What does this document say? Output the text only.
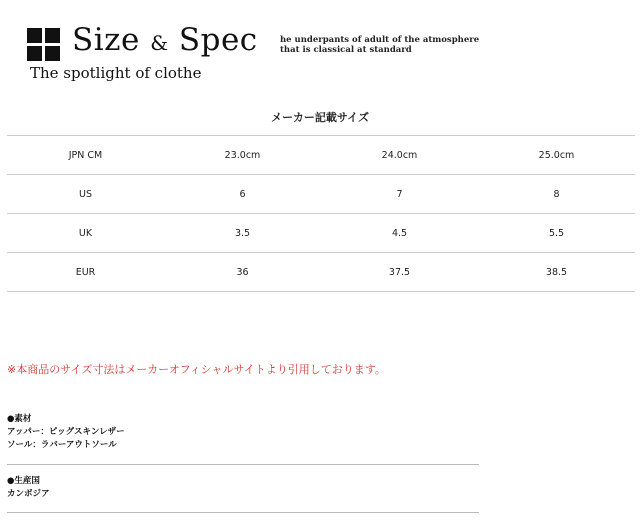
Size & Spec
The spotlight of clothe
he underpants of adult of the atmosphere
that is classical at standard
メーカー記載サイズ
JPN CM	23.0cm	24.0cm	25.0cm
US	6	7	8
UK	3.5	4.5	5.5
EUR	36	37.5	38.5
※本商品のサイズ寸法はメーカーオフィシャルサイトより引用しております。
●素材
アッパー：ピッグスキンレザー
ソール：ラバーアウトソール
●生産国
カンボジア
